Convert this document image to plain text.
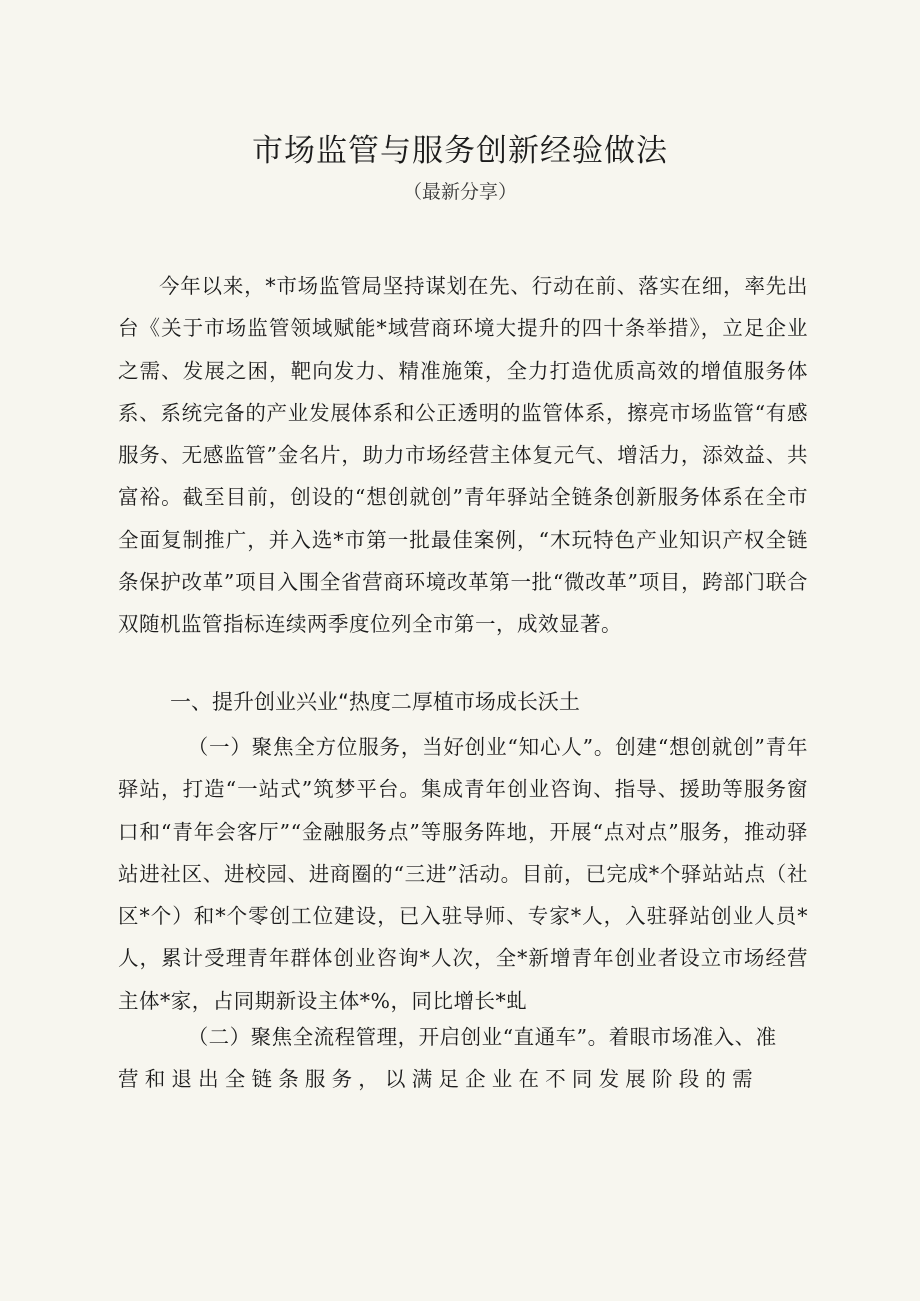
市场监管与服务创新经验做法
（最新分享）
今年以来，*市场监管局坚持谋划在先、行动在前、落实在细，率先出台《关于市场监管领域赋能*域营商环境大提升的四十条举措》，立足企业之需、发展之困，靶向发力、精准施策，全力打造优质高效的增值服务体系、系统完备的产业发展体系和公正透明的监管体系，擦亮市场监管“有感服务、无感监管”金名片，助力市场经营主体复元气、增活力，添效益、共富裕。截至目前，创设的“想创就创”青年驿站全链条创新服务体系在全市全面复制推广，并入选*市第一批最佳案例，“木玩特色产业知识产权全链条保护改革”项目入围全省营商环境改革第一批“微改革”项目，跨部门联合双随机监管指标连续两季度位列全市第一，成效显著。
一、提升创业兴业“热度二厚植市场成长沃土
（一）聚焦全方位服务，当好创业“知心人”。创建“想创就创”青年驿站，打造“一站式”筑梦平台。集成青年创业咨询、指导、援助等服务窗口和“青年会客厅”“金融服务点”等服务阵地，开展“点对点”服务，推动驿站进社区、进校园、进商圈的“三进”活动。目前，已完成*个驿站站点（社区*个）和*个零创工位建设，已入驻导师、专家*人，入驻驿站创业人员*人，累计受理青年群体创业咨询*人次，全*新增青年创业者设立市场经营主体*家，占同期新设主体*%，同比增长*虬
（二）聚焦全流程管理，开启创业“直通车”。着眼市场准入、准
营和退出全链条服务，以满足企业在不同发展阶段的需
